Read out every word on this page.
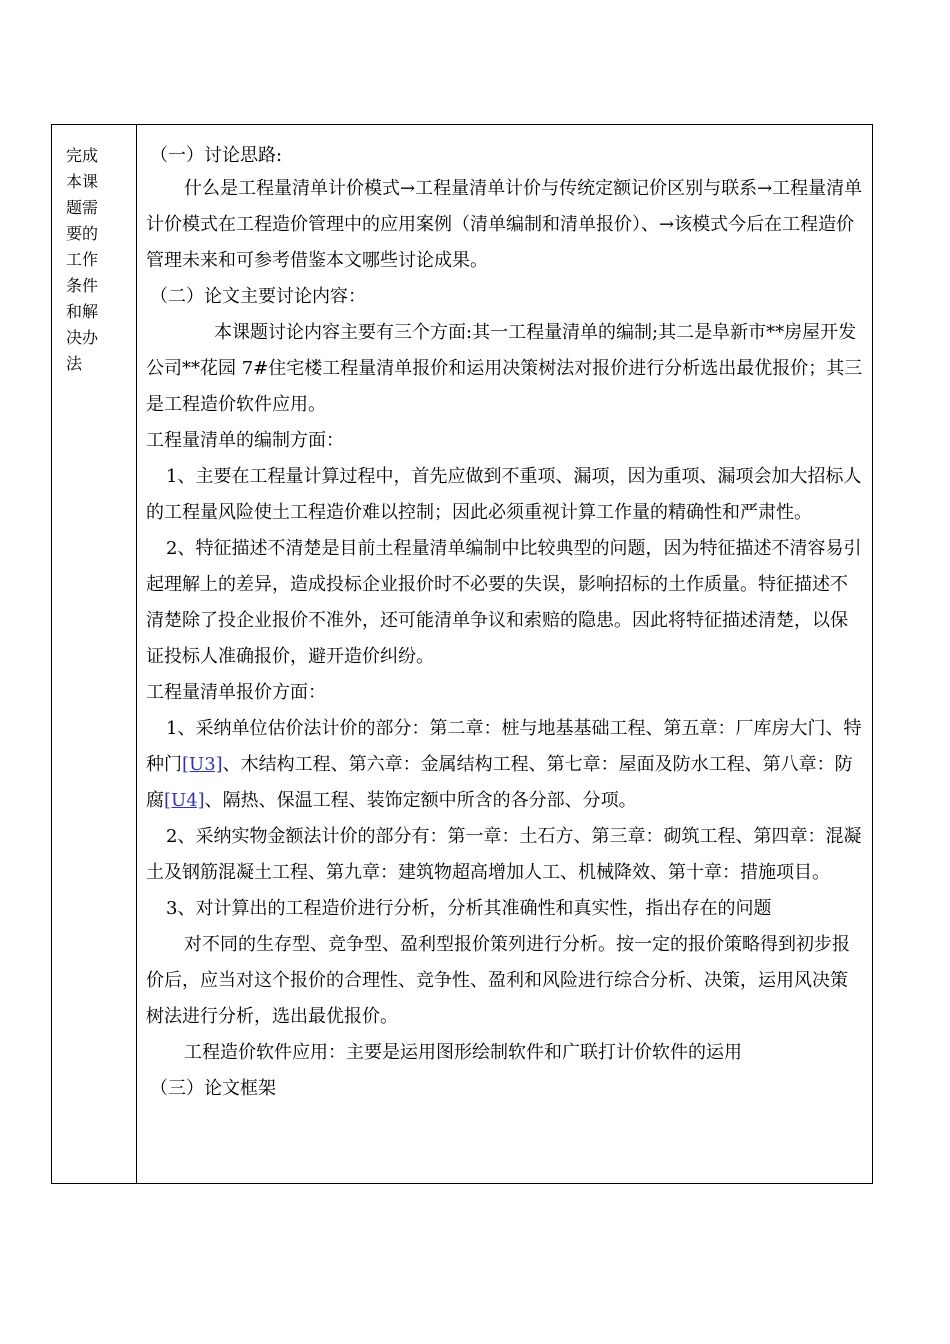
完成
本课
题需
要的
工作
条件
和解
决办
法

（一）讨论思路:

什么是工程量清单计价模式→工程量清单计价与传统定额记价区别与联系→工程量清单计价模式在工程造价管理中的应用案例（清单编制和清单报价）、→该模式今后在工程造价管理未来和可参考借鉴本文哪些讨论成果。

（二）论文主要讨论内容：

本课题讨论内容主要有三个方面:其一工程量清单的编制;其二是阜新市**房屋开发公司**花园 7#住宅楼工程量清单报价和运用决策树法对报价进行分析选出最优报价；其三是工程造价软件应用。

工程量清单的编制方面：

1、主要在工程量计算过程中，首先应做到不重项、漏项，因为重项、漏项会加大招标人的工程量风险使土工程造价难以控制；因此必须重视计算工作量的精确性和严肃性。

2、特征描述不清楚是目前土程量清单编制中比较典型的问题，因为特征描述不清容易引起理解上的差异，造成投标企业报价时不必要的失误，影响招标的土作质量。特征描述不清楚除了投企业报价不准外，还可能清单争议和索赔的隐患。因此将特征描述清楚，以保证投标人准确报价，避开造价纠纷。

工程量清单报价方面：

1、采纳单位估价法计价的部分：第二章：桩与地基基础工程、第五章：厂库房大门、特种门[U3]、木结构工程、第六章：金属结构工程、第七章：屋面及防水工程、第八章：防腐[U4]、隔热、保温工程、装饰定额中所含的各分部、分项。

2、采纳实物金额法计价的部分有：第一章：土石方、第三章：砌筑工程、第四章：混凝土及钢筋混凝土工程、第九章：建筑物超高增加人工、机械降效、第十章：措施项目。

3、对计算出的工程造价进行分析，分析其准确性和真实性，指出存在的问题

对不同的生存型、竞争型、盈利型报价策列进行分析。按一定的报价策略得到初步报价后，应当对这个报价的合理性、竞争性、盈利和风险进行综合分析、决策，运用风决策树法进行分析，选出最优报价。

工程造价软件应用：主要是运用图形绘制软件和广联打计价软件的运用

（三）论文框架
